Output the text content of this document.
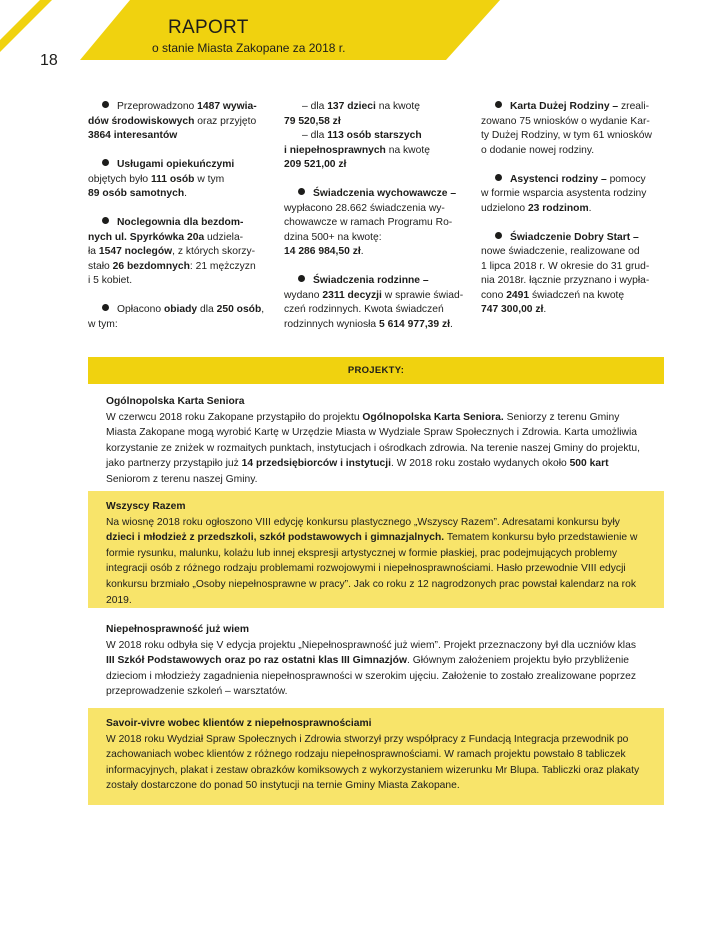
RAPORT
o stanie Miasta Zakopane za 2018 r.
18

Przeprowadzono 1487 wywia-
dów środowiskowych oraz przyjęto
3864 interesantów

Usługami opiekuńczymi
objętych było 111 osób w tym
89 osób samotnych.

Noclegownia dla bezdom-
nych ul. Spyrkówka 20a udziela-
ła 1547 noclegów, z których skorzy-
stało 26 bezdomnych: 21 mężczyzn
i 5 kobiet.

Opłacono obiady dla 250 osób,
w tym:

– dla 137 dzieci na kwotę
79 520,58 zł
– dla 113 osób starszych
i niepełnosprawnych na kwotę
209 521,00 zł

Świadczenia wychowawcze –
wypłacono 28.662 świadczenia wy-
chowawcze w ramach Programu Ro-
dzina 500+ na kwotę:
14 286 984,50 zł.

Świadczenia rodzinne –
wydano 2311 decyzji w sprawie świad-
czeń rodzinnych. Kwota świadczeń
rodzinnych wyniosła 5 614 977,39 zł.

Karta Dużej Rodziny – zreali-
zowano 75 wniosków o wydanie Kar-
ty Dużej Rodziny, w tym 61 wniosków
o dodanie nowej rodziny.

Asystenci rodziny – pomocy
w formie wsparcia asystenta rodziny
udzielono 23 rodzinom.

Świadczenie Dobry Start –
nowe świadczenie, realizowane od
1 lipca 2018 r. W okresie do 31 grud-
nia 2018r. łącznie przyznano i wypła-
cono 2491 świadczeń na kwotę
747 300,00 zł.

PROJEKTY:
Ogólnopolska Karta Seniora

W czerwcu 2018 roku Zakopane przystąpiło do projektu Ogólnopolska Karta Seniora. Seniorzy z terenu Gminy Miasta Zakopane mogą wyrobić Kartę w Urzędzie Miasta w Wydziale Spraw Społecznych i Zdrowia. Karta umożliwia korzystanie ze zniżek w rozmaitych punktach, instytucjach i ośrodkach zdrowia. Na terenie naszej Gminy do projektu, jako partnerzy przystąpiło już 14 przedsiębiorców i instytucji. W 2018 roku zostało wydanych około 500 kart Seniorom z terenu naszej Gminy.

Wszyscy Razem

Na wiosnę 2018 roku ogłoszono VIII edycję konkursu plastycznego „Wszyscy Razem”. Adresatami konkursu były dzieci i młodzież z przedszkoli, szkół podstawowych i gimnazjalnych. Tematem konkursu było przedstawienie w formie rysunku, malunku, kolażu lub innej ekspresji artystycznej w formie płaskiej, prac podejmujących problemy integracji osób z różnego rodzaju problemami rozwojowymi i niepełnosprawnościami. Hasło przewodnie VIII edycji konkursu brzmiało „Osoby niepełnosprawne w pracy”. Jak co roku z 12 nagrodzonych prac powstał kalendarz na rok 2019.

Niepełnosprawność już wiem

W 2018 roku odbyła się V edycja projektu „Niepełnosprawność już wiem”. Projekt przeznaczony był dla uczniów klas III Szkół Podstawowych oraz po raz ostatni klas III Gimnazjów. Głównym założeniem projektu było przybliżenie dzieciom i młodzieży zagadnienia niepełnosprawności w szerokim ujęciu. Założenie to zostało zrealizowane poprzez przeprowadzenie szkoleń – warsztatów.

Savoir-vivre wobec klientów z niepełnosprawnościami

W 2018 roku Wydział Spraw Społecznych i Zdrowia stworzył przy współpracy z Fundacją Integracja przewodnik po zachowaniach wobec klientów z różnego rodzaju niepełnosprawnościami. W ramach projektu powstało 8 tabliczek informacyjnych, plakat i zestaw obrazków komiksowych z wykorzystaniem wizerunku Mr Blupa. Tabliczki oraz plakaty zostały dostarczone do ponad 50 instytucji na ternie Gminy Miasta Zakopane.
